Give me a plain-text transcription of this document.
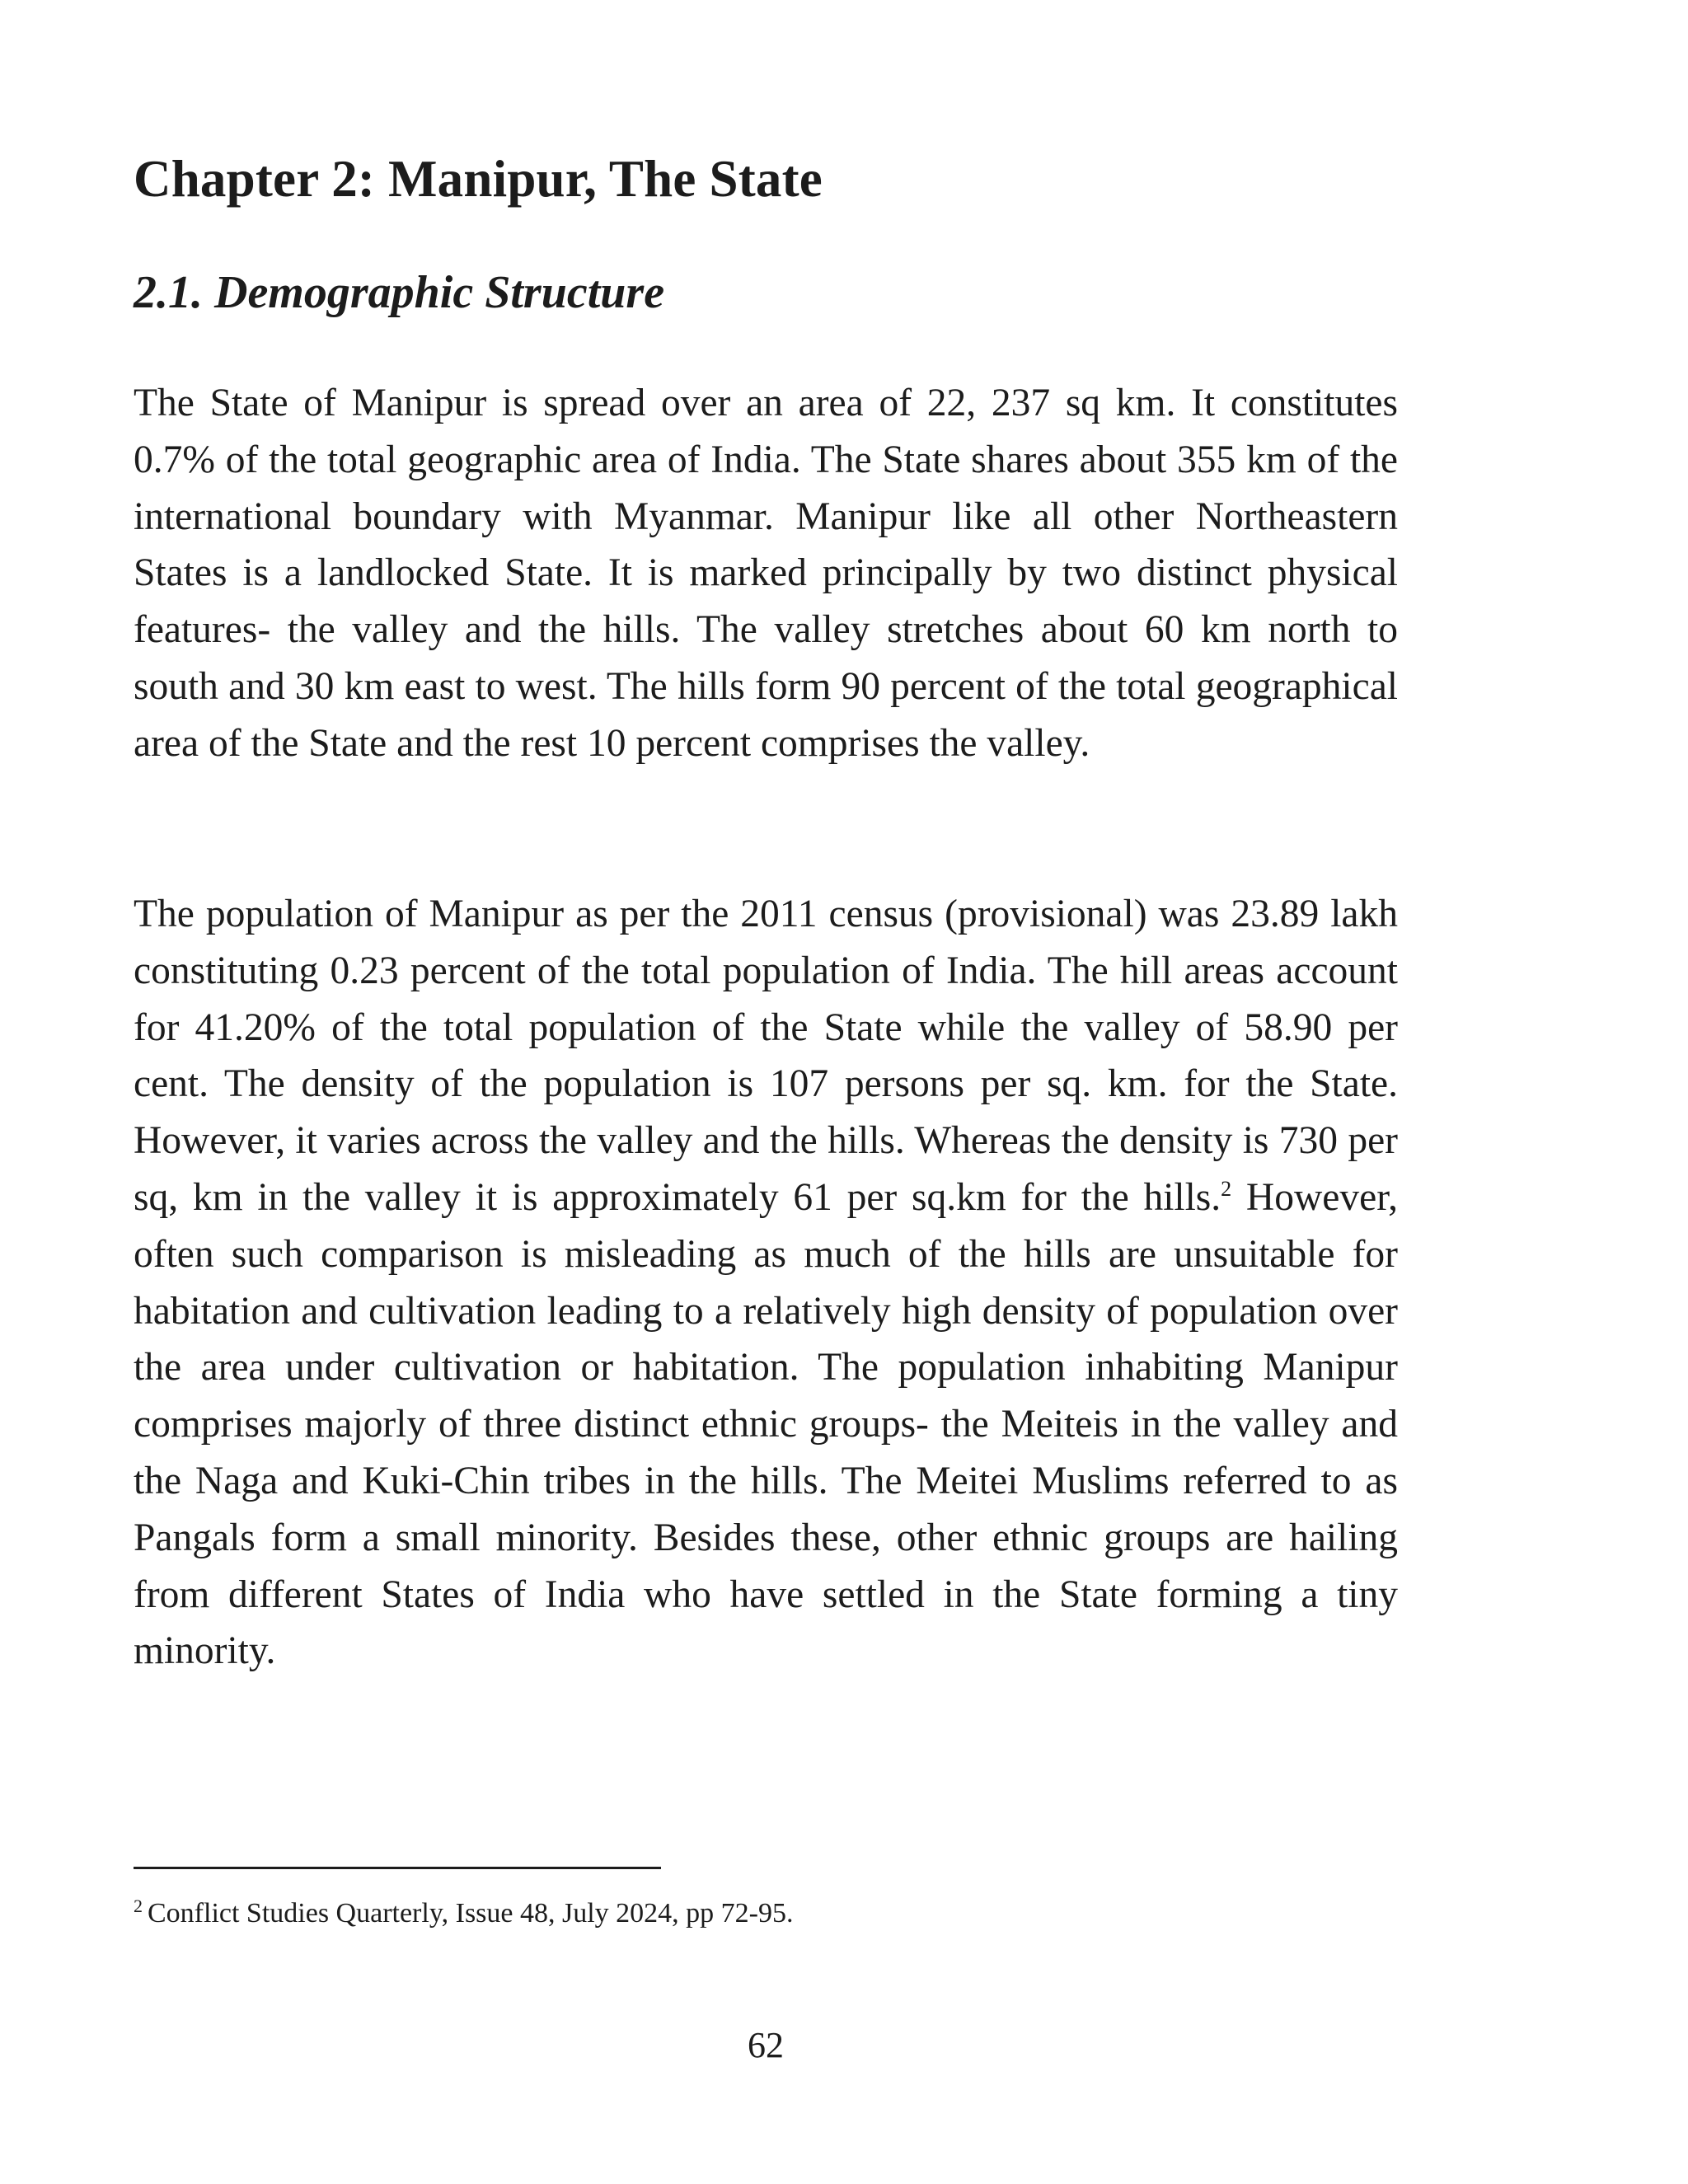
Chapter 2: Manipur, The State
2.1. Demographic Structure

The State of Manipur is spread over an area of 22, 237 sq km. It constitutes 0.7% of the total geographic area of India. The State shares about 355 km of the international boundary with Myanmar. Manipur like all other Northeastern States is a landlocked State. It is marked principally by two distinct physical features- the valley and the hills. The valley stretches about 60 km north to south and 30 km east to west. The hills form 90 percent of the total geographical area of the State and the rest 10 percent comprises the valley.

The population of Manipur as per the 2011 census (provisional) was 23.89 lakh constituting 0.23 percent of the total population of India. The hill areas account for 41.20% of the total population of the State while the valley of 58.90 per cent. The density of the population is 107 persons per sq. km. for the State. However, it varies across the valley and the hills. Whereas the density is 730 per sq, km in the valley it is approximately 61 per sq.km for the hills.$^2$ However, often such comparison is misleading as much of the hills are unsuitable for habitation and cultivation leading to a relatively high density of population over the area under cultivation or habitation. The population inhabiting Manipur comprises majorly of three distinct ethnic groups- the Meiteis in the valley and the Naga and Kuki-Chin tribes in the hills. The Meitei Muslims referred to as Pangals form a small minority. Besides these, other ethnic groups are hailing from different States of India who have settled in the State forming a tiny minority.

$^2$ Conflict Studies Quarterly, Issue 48, July 2024, pp 72-95.

62
